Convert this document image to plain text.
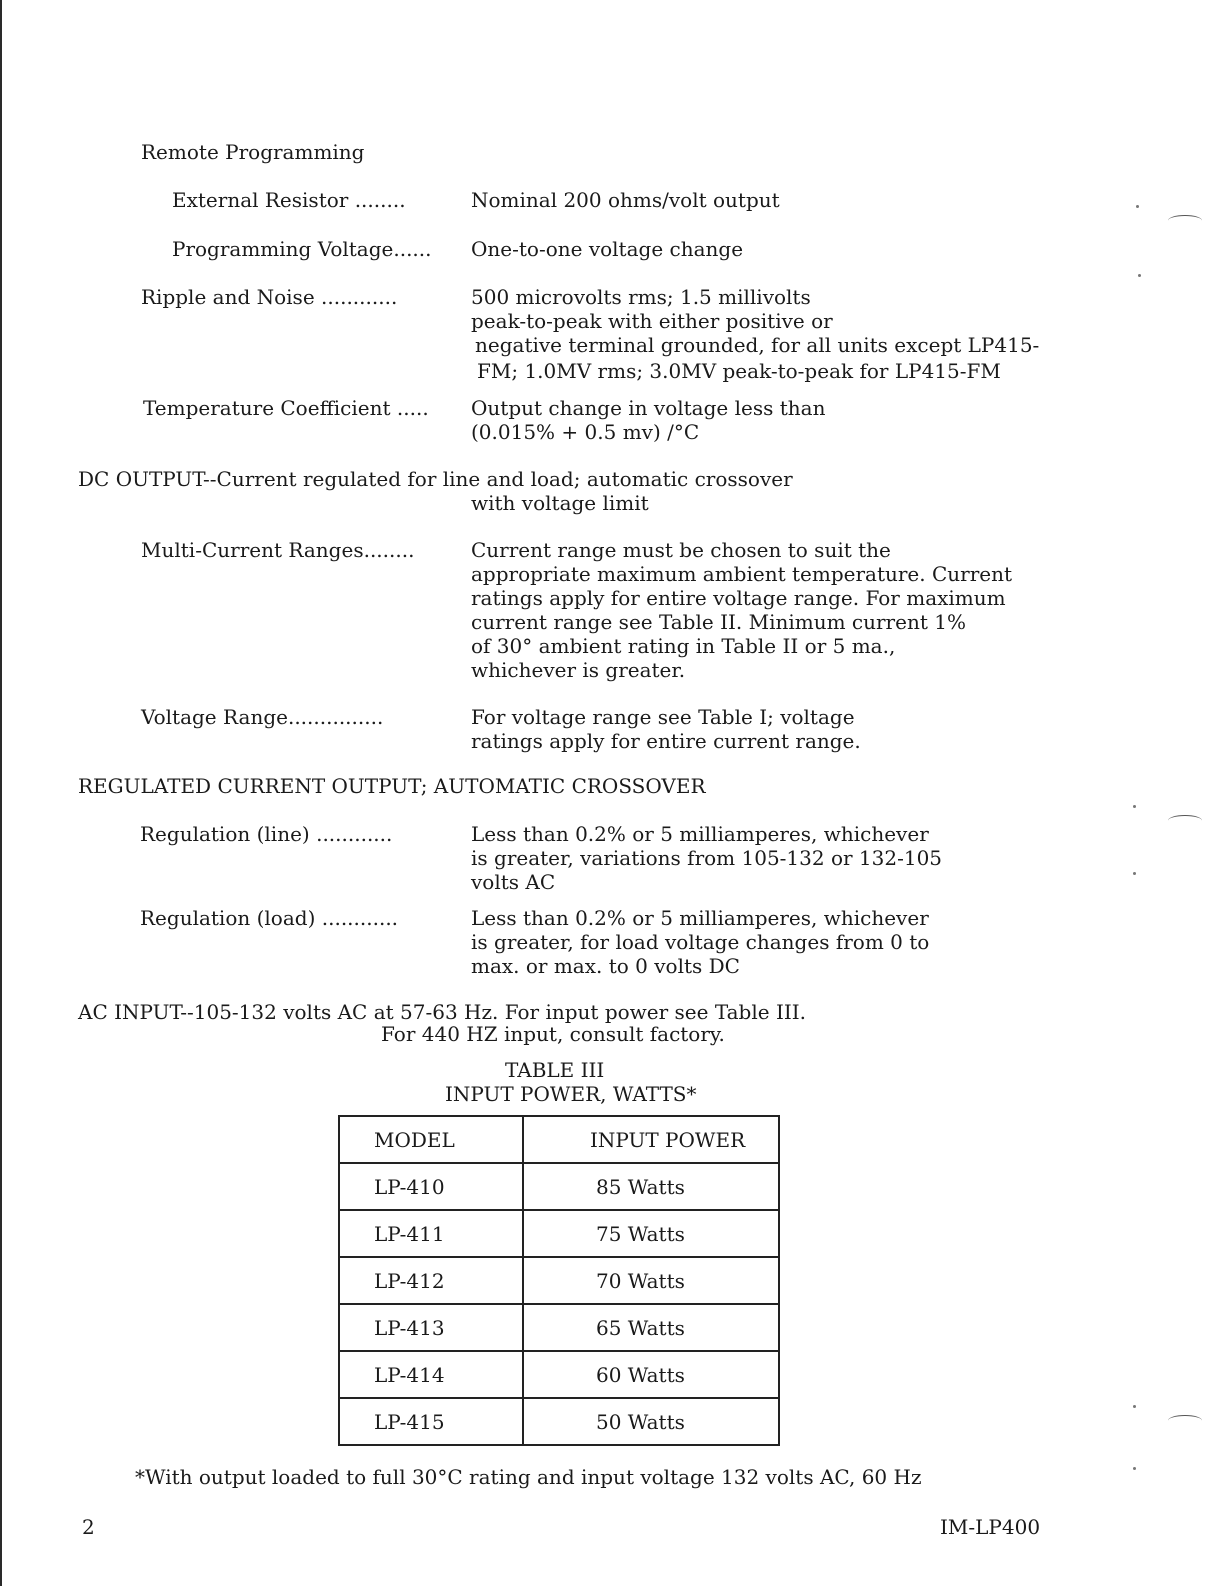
Remote Programming
External Resistor ........	Nominal 200 ohms/volt output
Programming Voltage...... One-to-one voltage change
Ripple and Noise ............	500 microvolts rms; 1.5 millivolts
peak-to-peak with either positive or
negative terminal grounded, for all units except LP415-
FM; 1.0MV rms; 3.0MV peak-to-peak for LP415-FM
Temperature Coefficient ..... Output change in voltage less than
(0.015% + 0.5 mv) /°C
DC OUTPUT--Current regulated for line and load; automatic crossover
with voltage limit
Multi-Current Ranges........	Current range must be chosen to suit the
appropriate maximum ambient temperature. Current
ratings apply for entire voltage range. For maximum
current range see Table II. Minimum current 1%
of 30° ambient rating in Table II or 5 ma.,
whichever is greater.
Voltage Range...............	For voltage range see Table I; voltage
ratings apply for entire current range.
REGULATED CURRENT OUTPUT; AUTOMATIC CROSSOVER
Regulation (line) ............	Less than 0.2% or 5 milliamperes, whichever
is greater, variations from 105-132 or 132-105
volts AC
Regulation (load) ............	Less than 0.2% or 5 milliamperes, whichever
is greater, for load voltage changes from 0 to
max. or max. to 0 volts DC
AC INPUT--105-132 volts AC at 57-63 Hz. For input power see Table III.
For 440 HZ input, consult factory.
TABLE III
INPUT POWER, WATTS*
MODEL	INPUT POWER
LP-410	85 Watts
LP-411	75 Watts
LP-412	70 Watts
LP-413	65 Watts
LP-414	60 Watts
LP-415	50 Watts
*With output loaded to full 30°C rating and input voltage 132 volts AC, 60 Hz
2	IM-LP400
